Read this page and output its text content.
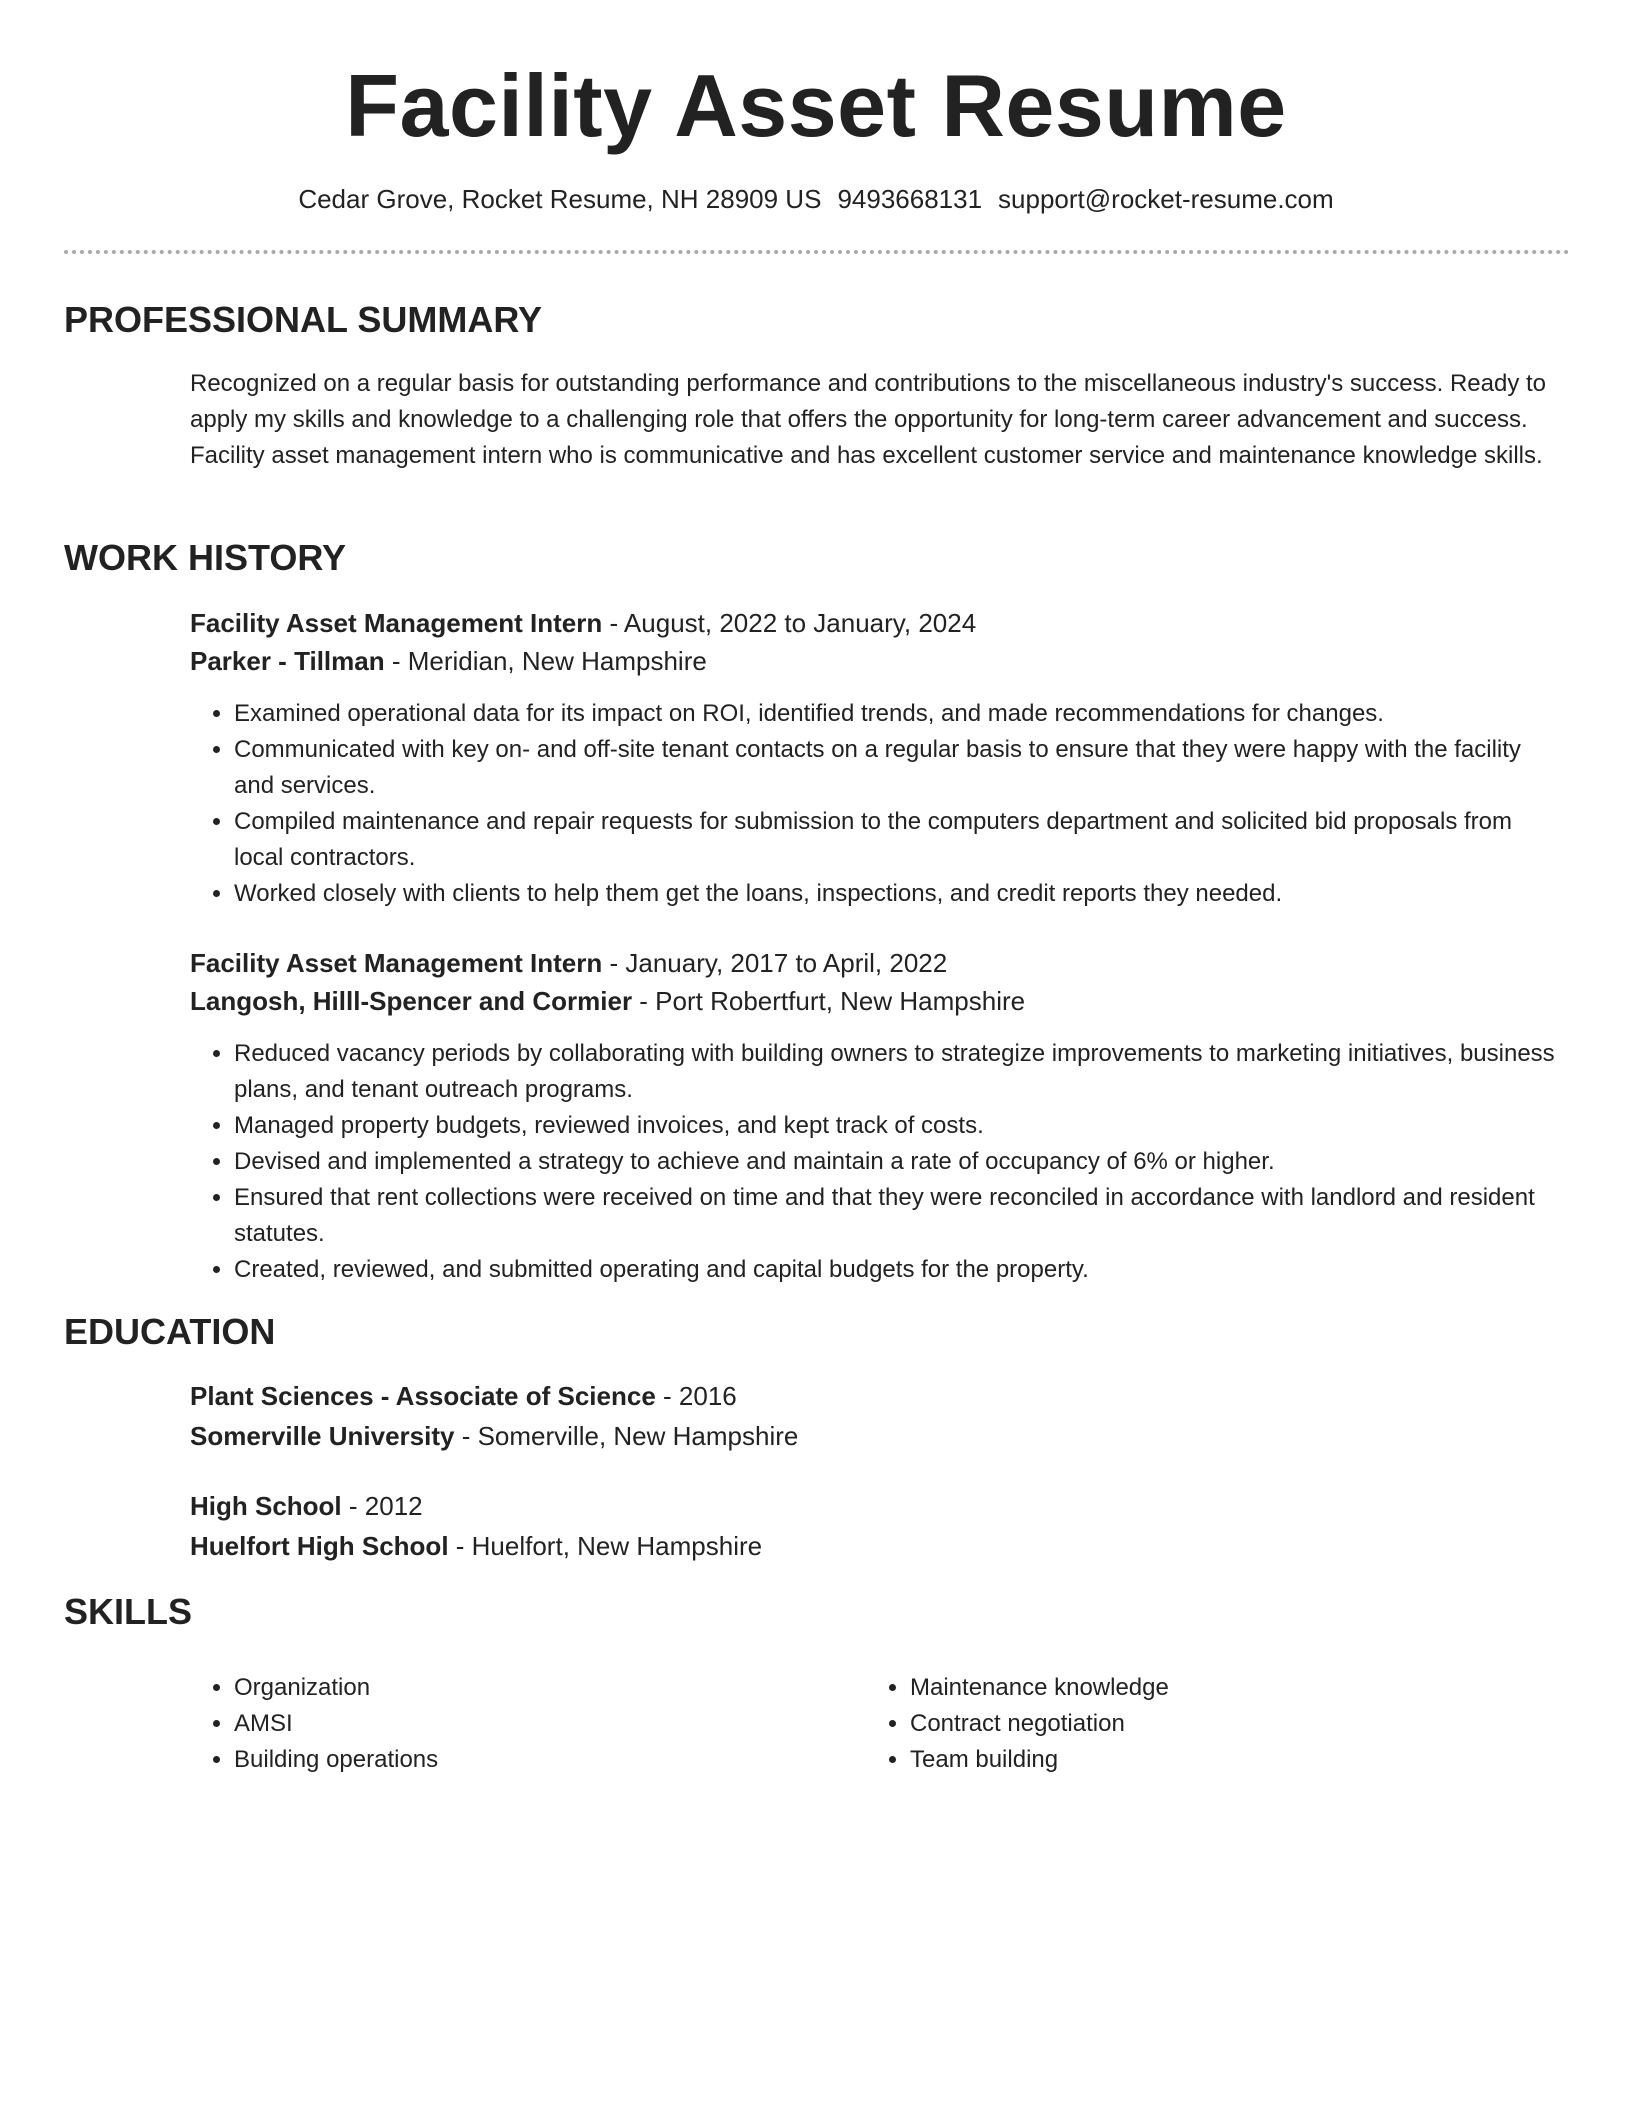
Facility Asset Resume
Cedar Grove, Rocket Resume, NH 28909 US 9493668131 support@rocket-resume.com
PROFESSIONAL SUMMARY

Recognized on a regular basis for outstanding performance and contributions to the miscellaneous industry's success. Ready to apply my skills and knowledge to a challenging role that offers the opportunity for long-term career advancement and success. Facility asset management intern who is communicative and has excellent customer service and maintenance knowledge skills.

WORK HISTORY
Facility Asset Management Intern - August, 2022 to January, 2024
Parker - Tillman - Meridian, New Hampshire
• Examined operational data for its impact on ROI, identified trends, and made recommendations for changes.
• Communicated with key on- and off-site tenant contacts on a regular basis to ensure that they were happy with the facility and services.
• Compiled maintenance and repair requests for submission to the computers department and solicited bid proposals from local contractors.
• Worked closely with clients to help them get the loans, inspections, and credit reports they needed.
Facility Asset Management Intern - January, 2017 to April, 2022
Langosh, Hilll-Spencer and Cormier - Port Robertfurt, New Hampshire
• Reduced vacancy periods by collaborating with building owners to strategize improvements to marketing initiatives, business plans, and tenant outreach programs.
• Managed property budgets, reviewed invoices, and kept track of costs.
• Devised and implemented a strategy to achieve and maintain a rate of occupancy of 6% or higher.
• Ensured that rent collections were received on time and that they were reconciled in accordance with landlord and resident statutes.
• Created, reviewed, and submitted operating and capital budgets for the property.
EDUCATION
Plant Sciences - Associate of Science - 2016
Somerville University - Somerville, New Hampshire
High School - 2012
Huelfort High School - Huelfort, New Hampshire
SKILLS
• Organization
• AMSI
• Building operations
• Maintenance knowledge
• Contract negotiation
• Team building
